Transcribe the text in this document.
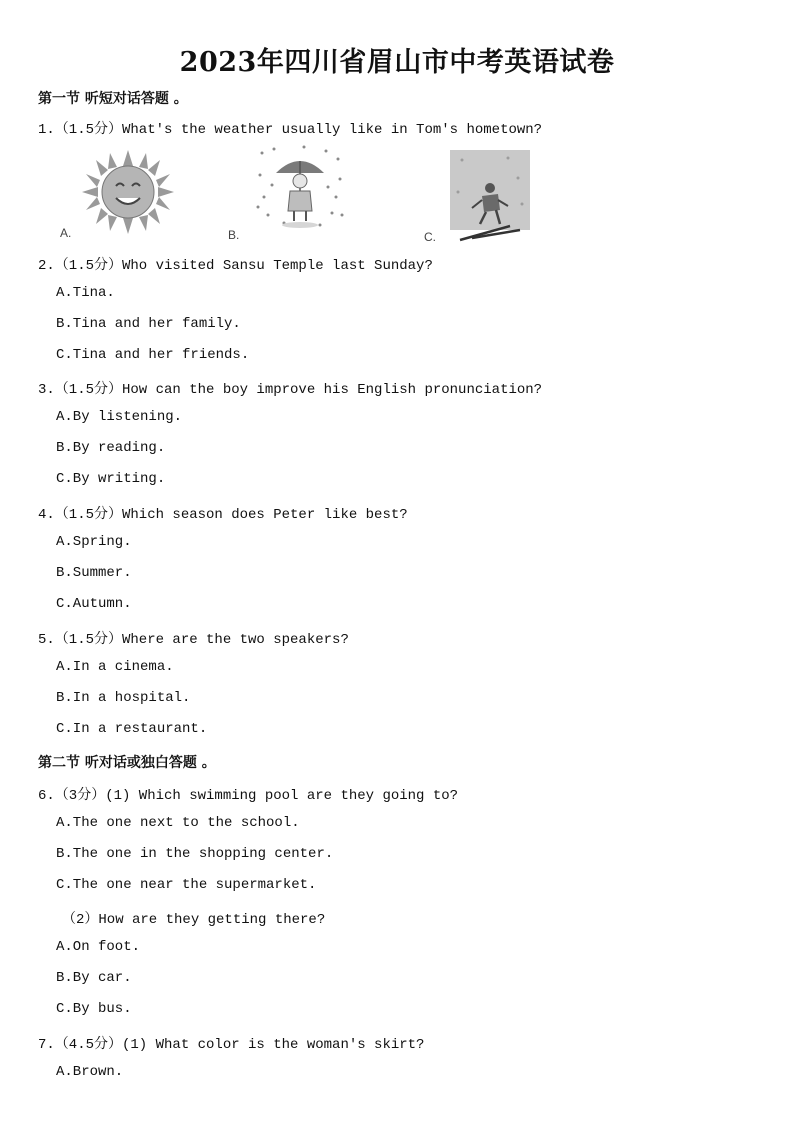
2023年四川省眉山市中考英语试卷
第一节 听短对话答题 。
1.（1.5分）What's the weather usually like in Tom's hometown?
A.	B.	C.
2.（1.5分）Who visited Sansu Temple last Sunday?
A.Tina.
B.Tina and her family.
C.Tina and her friends.
3.（1.5分）How can the boy improve his English pronunciation?
A.By listening.
B.By reading.
C.By writing.
4.（1.5分）Which season does Peter like best?
A.Spring.
B.Summer.
C.Autumn.
5.（1.5分）Where are the two speakers?
A.In a cinema.
B.In a hospital.
C.In a restaurant.
第二节 听对话或独白答题 。
6.（3分）(1) Which swimming pool are they going to?
A.The one next to the school.
B.The one in the shopping center.
C.The one near the supermarket.
（2）How are they getting there?
A.On foot.
B.By car.
C.By bus.
7.（4.5分）(1) What color is the woman's skirt?
A.Brown.
